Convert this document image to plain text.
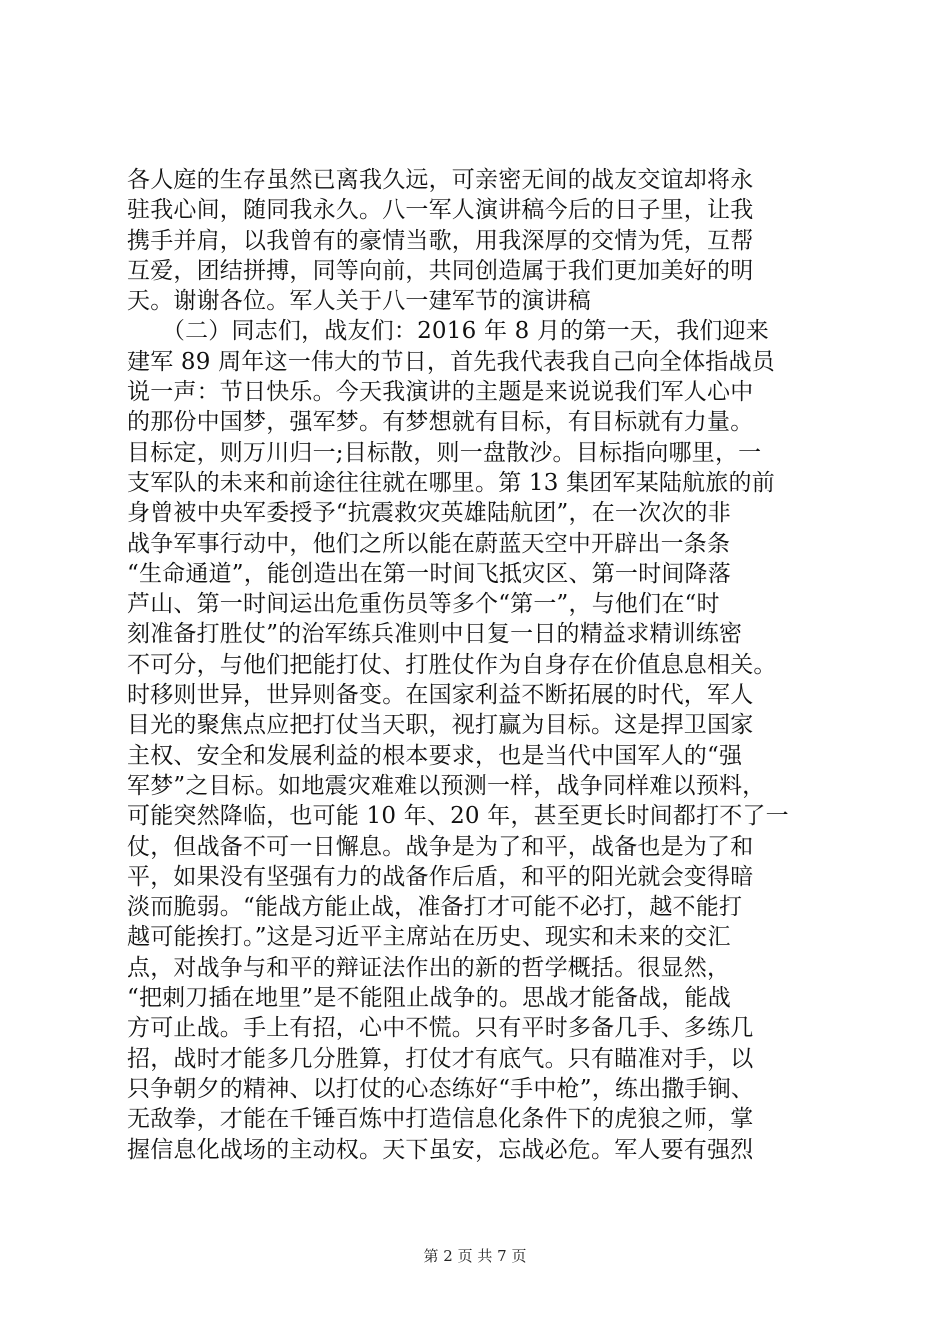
各人庭的生存虽然已离我久远，可亲密无间的战友交谊却将永
驻我心间，随同我永久。八一军人演讲稿今后的日子里，让我
携手并肩，以我曾有的豪情当歌，用我深厚的交情为凭，互帮
互爱，团结拼搏，同等向前，共同创造属于我们更加美好的明
天。谢谢各位。军人关于八一建军节的演讲稿
　　（二）同志们，战友们：2016 年 8 月的第一天，我们迎来
建军 89 周年这一伟大的节日，首先我代表我自己向全体指战员
说一声：节日快乐。今天我演讲的主题是来说说我们军人心中
的那份中国梦，强军梦。有梦想就有目标，有目标就有力量。
目标定，则万川归一;目标散，则一盘散沙。目标指向哪里，一
支军队的未来和前途往往就在哪里。第 13 集团军某陆航旅的前
身曾被中央军委授予“抗震救灾英雄陆航团”，在一次次的非
战争军事行动中，他们之所以能在蔚蓝天空中开辟出一条条
“生命通道”，能创造出在第一时间飞抵灾区、第一时间降落
芦山、第一时间运出危重伤员等多个“第一”，与他们在“时
刻准备打胜仗”的治军练兵准则中日复一日的精益求精训练密
不可分，与他们把能打仗、打胜仗作为自身存在价值息息相关。
时移则世异，世异则备变。在国家利益不断拓展的时代，军人
目光的聚焦点应把打仗当天职，视打赢为目标。这是捍卫国家
主权、安全和发展利益的根本要求，也是当代中国军人的“强
军梦”之目标。如地震灾难难以预测一样，战争同样难以预料，
可能突然降临，也可能 10 年、20 年，甚至更长时间都打不了一
仗，但战备不可一日懈息。战争是为了和平，战备也是为了和
平，如果没有坚强有力的战备作后盾，和平的阳光就会变得暗
淡而脆弱。“能战方能止战，准备打才可能不必打，越不能打
越可能挨打。”这是习近平主席站在历史、现实和未来的交汇
点，对战争与和平的辩证法作出的新的哲学概括。很显然，
“把刺刀插在地里”是不能阻止战争的。思战才能备战，能战
方可止战。手上有招，心中不慌。只有平时多备几手、多练几
招，战时才能多几分胜算，打仗才有底气。只有瞄准对手，以
只争朝夕的精神、以打仗的心态练好“手中枪”，练出撒手锏、
无敌拳，才能在千锤百炼中打造信息化条件下的虎狼之师，掌
握信息化战场的主动权。天下虽安，忘战必危。军人要有强烈
第 2 页 共 7 页
